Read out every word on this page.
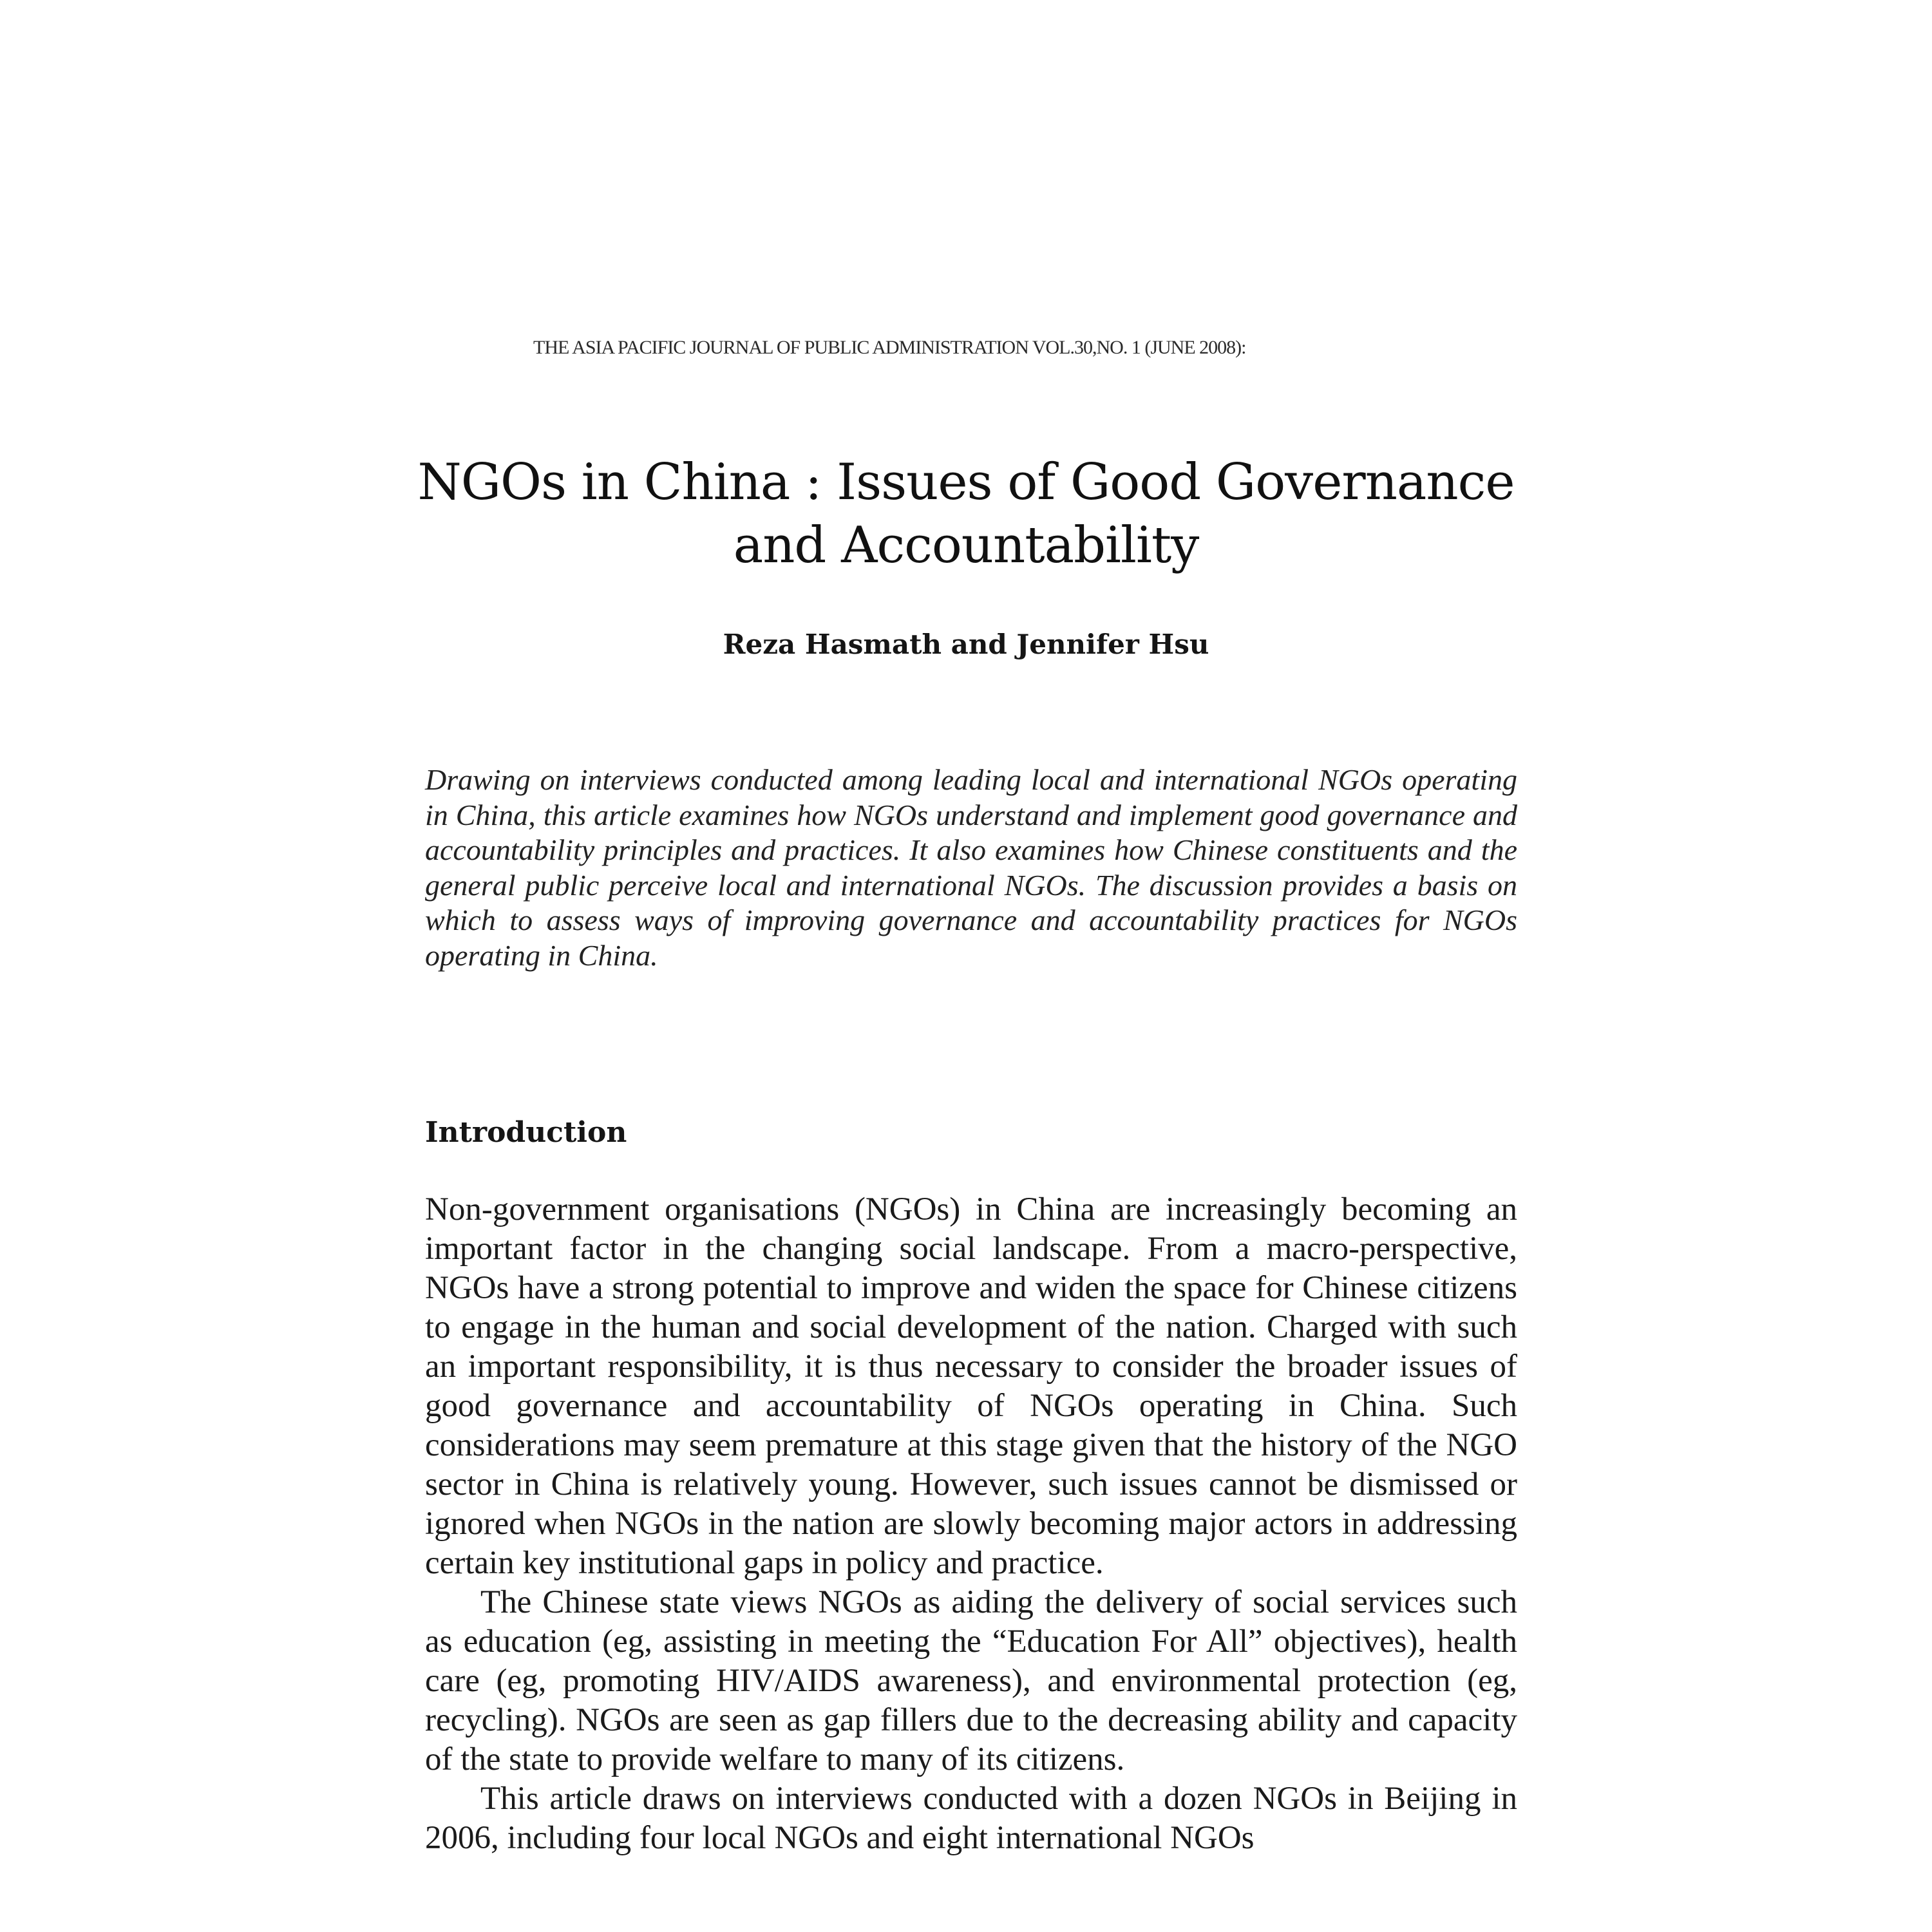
THE ASIA PACIFIC JOURNAL OF PUBLIC ADMINISTRATION VOL.30,NO. 1 (JUNE 2008):
NGOs in China : Issues of Good Governance
and Accountability
Reza Hasmath and Jennifer Hsu

Drawing on interviews conducted among leading local and international NGOs operating in China, this article examines how NGOs understand and implement good governance and accountability principles and practices. It also examines how Chinese constituents and the general public perceive local and international NGOs. The discussion provides a basis on which to assess ways of improving governance and accountability practices for NGOs operating in China.

Introduction

Non-government organisations (NGOs) in China are increasingly becoming an important factor in the changing social landscape. From a macro-perspective, NGOs have a strong potential to improve and widen the space for Chinese citizens to engage in the human and social development of the nation. Charged with such an important responsibility, it is thus necessary to consider the broader issues of good governance and accountability of NGOs operating in China. Such considerations may seem premature at this stage given that the history of the NGO sector in China is relatively young. However, such issues cannot be dismissed or ignored when NGOs in the nation are slowly becoming major actors in addressing certain key institutional gaps in policy and practice.

The Chinese state views NGOs as aiding the delivery of social services such as education (eg, assisting in meeting the “Education For All” objectives), health care (eg, promoting HIV/AIDS awareness), and environmental protection (eg, recycling). NGOs are seen as gap fillers due to the decreasing ability and capacity of the state to provide welfare to many of its citizens.

This article draws on interviews conducted with a dozen NGOs in Beijing in 2006, including four local NGOs and eight international NGOs
